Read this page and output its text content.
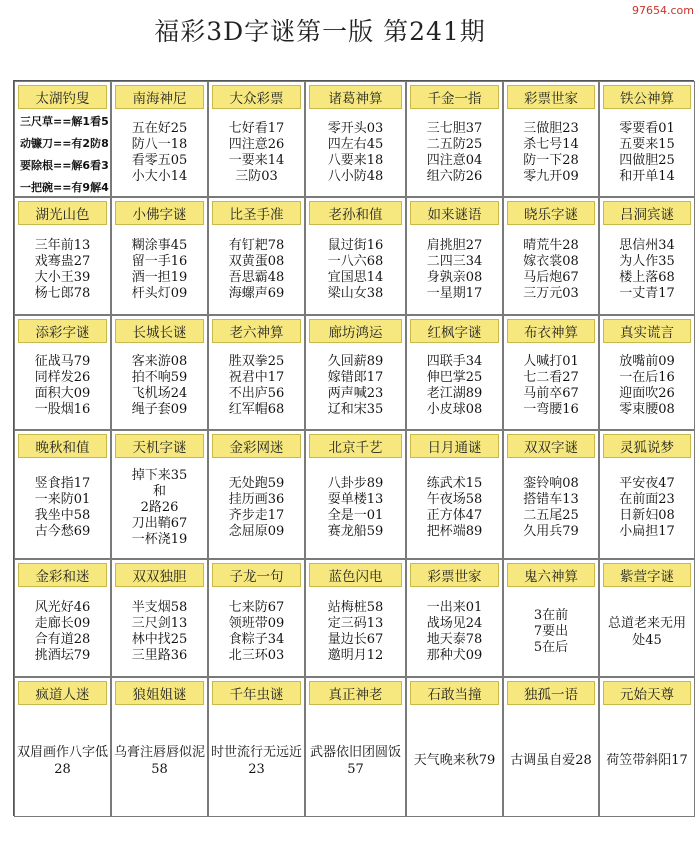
97654.com
福彩3D字谜第一版 第241期
太湖钓叟
三尺草==解1看5
动镰刀==有2防8
要除根==解6看3
一把碗==有9解4
南海神尼
五在好25
防八一18
看零五05
小大小14
大众彩票
七好看17
四注意26
一要来14
三防03
诸葛神算
零开头03
四左右45
八要来18
八小防48
千金一指
三七胆37
二五防25
四注意04
组六防26
彩票世家
三做胆23
杀七号14
防一下28
零九开09
铁公神算
零要看01
五要来15
四做胆25
和开单14
湖光山色
三年前13
戏骞蛊27
大小王39
杨七郎78
小佛字谜
糊涂事45
留一手16
酒一担19
杆头灯09
比圣手准
有钉耙78
双黄蛋08
吾思霸48
海螺声69
老孙和值
鼠过街16
一八六68
宜国思14
梁山女38
如来谜语
肩挑胆27
二四三34
身孰亲08
一星期17
晓乐字谜
晴荒牛28
嫁衣裳08
马后炮67
三万元03
吕洞宾谜
思信州34
为人作35
楼上落68
一丈青17
添彩字谜
征战马79
同样发26
面积大09
一股烟16
长城长谜
客来游08
拍不响59
飞机场24
绳子套09
老六神算
胜双拳25
祝君中17
不出庐56
红军帽68
廊坊鸿运
久回薪89
嫁错郎17
两声喊23
辽和宋35
红枫字谜
四联手34
伸巴掌25
老江湖89
小皮球08
布衣神算
人喊打01
七二看27
马前卒67
一弯腰16
真实谎言
放嘴前09
一在后16
迎面吹26
零束腰08
晚秋和值
竖食指17
一来防01
我坐中58
古今愁69
天机字谜
掉下来35
和
2路26
刀出鞘67
一杯浇19
金彩网迷
无处跑59
挂历画36
齐步走17
念屈原09
北京千艺
八卦步89
耍单楼13
全是一01
赛龙船59
日月通谜
练武术15
午夜场58
正方体47
把杯端89
双双字谜
銮铃响08
搭错车13
二五尾25
久用兵79
灵狐说梦
平安夜47
在前面23
日新妇08
小扁担17
金彩和迷
风光好46
走廊长09
合有道28
挑酒坛79
双双独胆
半支烟58
三尺剑13
林中找25
三里路36
子龙一句
七来防67
领班带09
食粽子34
北三环03
蓝色闪电
站梅桩58
定三码13
量边长67
邀明月12
彩票世家
一出来01
战场见24
地天泰78
那种犬09
鬼六神算
3在前
7要出
5在后
紫萱字谜
总道老来无用处45
疯道人迷
双眉画作八字低28
狼姐姐谜
乌膏注唇唇似泥58
千年虫谜
时世流行无远近23
真正神老
武器依旧团圆饭57
石敢当撞
天气晚来秋79
独孤一语
古调虽自爱28
元始天尊
荷笠带斜阳17
